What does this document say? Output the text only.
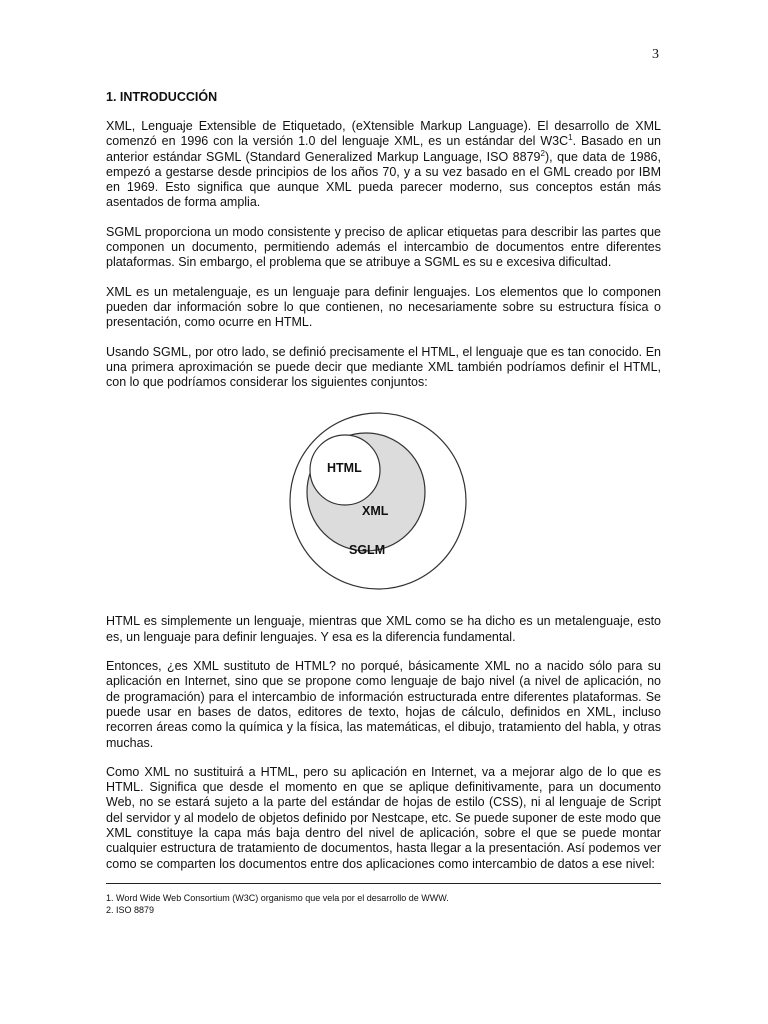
3
1. INTRODUCCIÓN

XML, Lenguaje Extensible de Etiquetado, (eXtensible Markup Language). El desarrollo de XML comenzó en 1996 con la versión 1.0 del lenguaje XML, es un estándar del $W3C^1$. Basado en un anterior estándar SGML (Standard Generalized Markup Language, ISO 8879$^2$), que data de 1986, empezó a gestarse desde principios de los años 70, y a su vez basado en el GML creado por IBM en 1969. Esto significa que aunque XML pueda parecer moderno, sus conceptos están más asentados de forma amplia.

SGML proporciona un modo consistente y preciso de aplicar etiquetas para describir las partes que componen un documento, permitiendo además el intercambio de documentos entre diferentes plataformas. Sin embargo, el problema que se atribuye a SGML es su e excesiva dificultad.

XML es un metalenguaje, es un lenguaje para definir lenguajes. Los elementos que lo componen pueden dar información sobre lo que contienen, no necesariamente sobre su estructura física o presentación, como ocurre en HTML.

Usando SGML, por otro lado, se definió precisamente el HTML, el lenguaje que es tan conocido. En una primera aproximación se puede decir que mediante XML también podríamos definir el HTML, con lo que podríamos considerar los siguientes conjuntos:

HTML
XML
SGLM

HTML es simplemente un lenguaje, mientras que XML como se ha dicho es un metalenguaje, esto es, un lenguaje para definir lenguajes. Y esa es la diferencia fundamental.

Entonces, ¿es XML sustituto de HTML? no porqué, básicamente XML no a nacido sólo para su aplicación en Internet, sino que se propone como lenguaje de bajo nivel (a nivel de aplicación, no de programación) para el intercambio de información estructurada entre diferentes plataformas. Se puede usar en bases de datos, editores de texto, hojas de cálculo, definidos en XML, incluso recorren áreas como la química y la física, las matemáticas, el dibujo, tratamiento del habla, y otras muchas.

Como XML no sustituirá a HTML, pero su aplicación en Internet, va a mejorar algo de lo que es HTML. Significa que desde el momento en que se aplique definitivamente, para un documento Web, no se estará sujeto a la parte del estándar de hojas de estilo (CSS), ni al lenguaje de Script del servidor y al modelo de objetos definido por Nestcape, etc. Se puede suponer de este modo que XML constituye la capa más baja dentro del nivel de aplicación, sobre el que se puede montar cualquier estructura de tratamiento de documentos, hasta llegar a la presentación. Así podemos ver como se comparten los documentos entre dos aplicaciones como intercambio de datos a ese nivel:

1. Word Wide Web Consortium (W3C) organismo que vela por el desarrollo de WWW.
2. ISO 8879
